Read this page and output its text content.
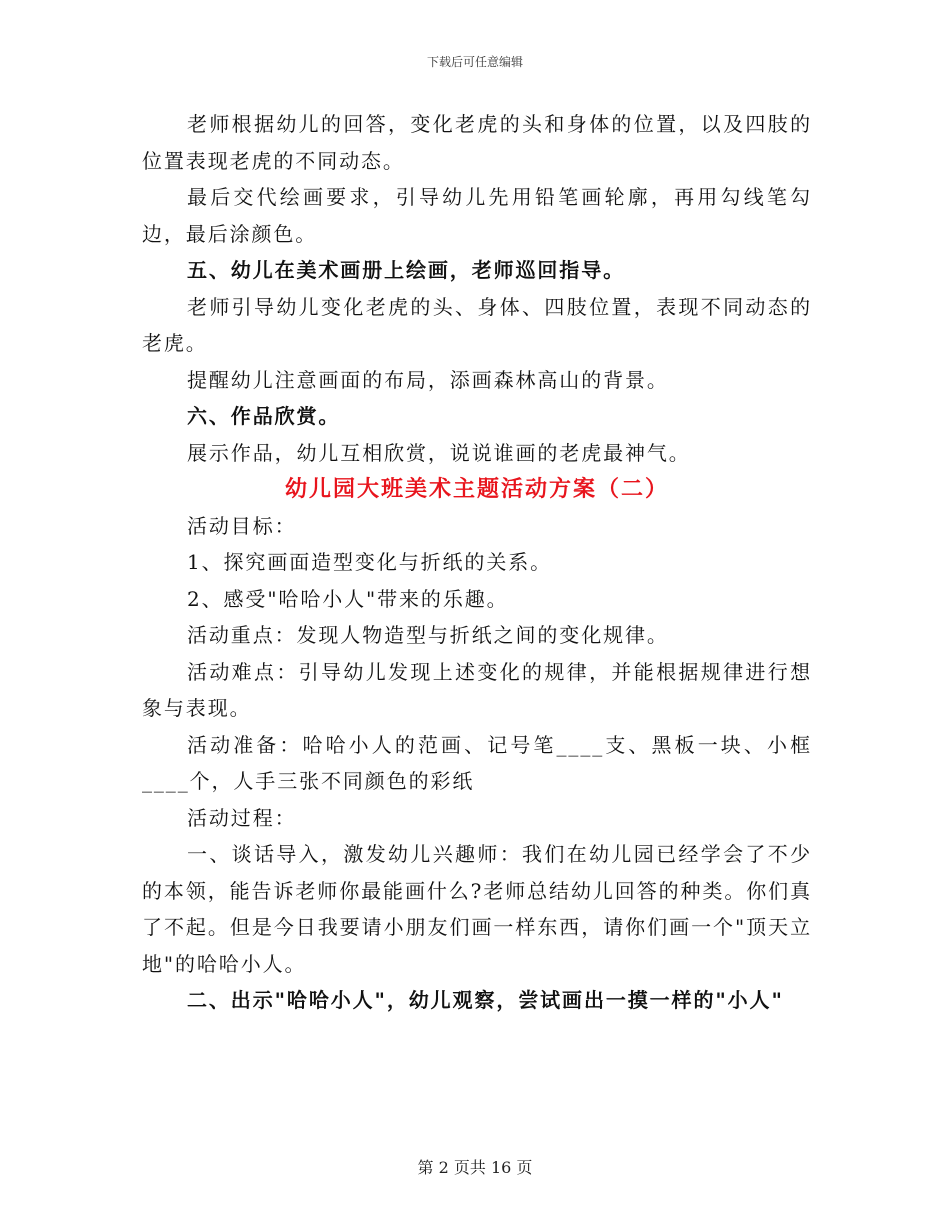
下载后可任意编辑

老师根据幼儿的回答，变化老虎的头和身体的位置，以及四肢的位置表现老虎的不同动态。

最后交代绘画要求，引导幼儿先用铅笔画轮廓，再用勾线笔勾边，最后涂颜色。

五、幼儿在美术画册上绘画，老师巡回指导。

老师引导幼儿变化老虎的头、身体、四肢位置，表现不同动态的老虎。

提醒幼儿注意画面的布局，添画森林高山的背景。

六、作品欣赏。

展示作品，幼儿互相欣赏，说说谁画的老虎最神气。

幼儿园大班美术主题活动方案（二）

活动目标：

1、探究画面造型变化与折纸的关系。

2、感受"哈哈小人"带来的乐趣。

活动重点：发现人物造型与折纸之间的变化规律。

活动难点：引导幼儿发现上述变化的规律，并能根据规律进行想象与表现。

活动准备：哈哈小人的范画、记号笔____支、黑板一块、小框____个，人手三张不同颜色的彩纸

活动过程：

一、谈话导入，激发幼儿兴趣师：我们在幼儿园已经学会了不少的本领，能告诉老师你最能画什么?老师总结幼儿回答的种类。你们真了不起。但是今日我要请小朋友们画一样东西，请你们画一个"顶天立地"的哈哈小人。

二、出示"哈哈小人"，幼儿观察，尝试画出一摸一样的"小人"

第 2 页共 16 页
